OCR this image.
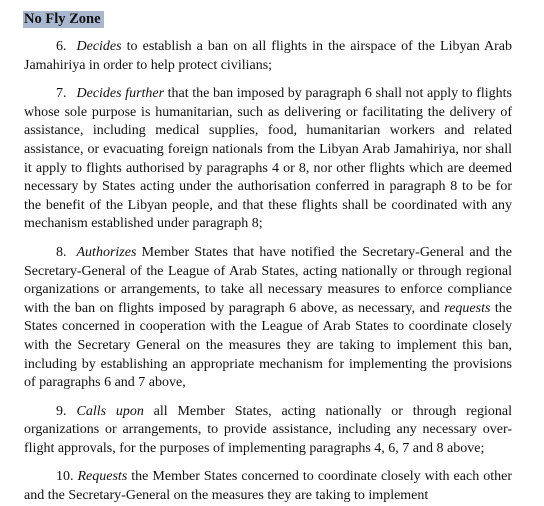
No Fly Zone

6. Decides to establish a ban on all flights in the airspace of the Libyan Arab Jamahiriya in order to help protect civilians;

7. Decides further that the ban imposed by paragraph 6 shall not apply to flights whose sole purpose is humanitarian, such as delivering or facilitating the delivery of assistance, including medical supplies, food, humanitarian workers and related assistance, or evacuating foreign nationals from the Libyan Arab Jamahiriya, nor shall it apply to flights authorised by paragraphs 4 or 8, nor other flights which are deemed necessary by States acting under the authorisation conferred in paragraph 8 to be for the benefit of the Libyan people, and that these flights shall be coordinated with any mechanism established under paragraph 8;

8. Authorizes Member States that have notified the Secretary-General and the Secretary-General of the League of Arab States, acting nationally or through regional organizations or arrangements, to take all necessary measures to enforce compliance with the ban on flights imposed by paragraph 6 above, as necessary, and requests the States concerned in cooperation with the League of Arab States to coordinate closely with the Secretary General on the measures they are taking to implement this ban, including by establishing an appropriate mechanism for implementing the provisions of paragraphs 6 and 7 above,

9. Calls upon all Member States, acting nationally or through regional organizations or arrangements, to provide assistance, including any necessary over-flight approvals, for the purposes of implementing paragraphs 4, 6, 7 and 8 above;

10. Requests the Member States concerned to coordinate closely with each other and the Secretary-General on the measures they are taking to implement
